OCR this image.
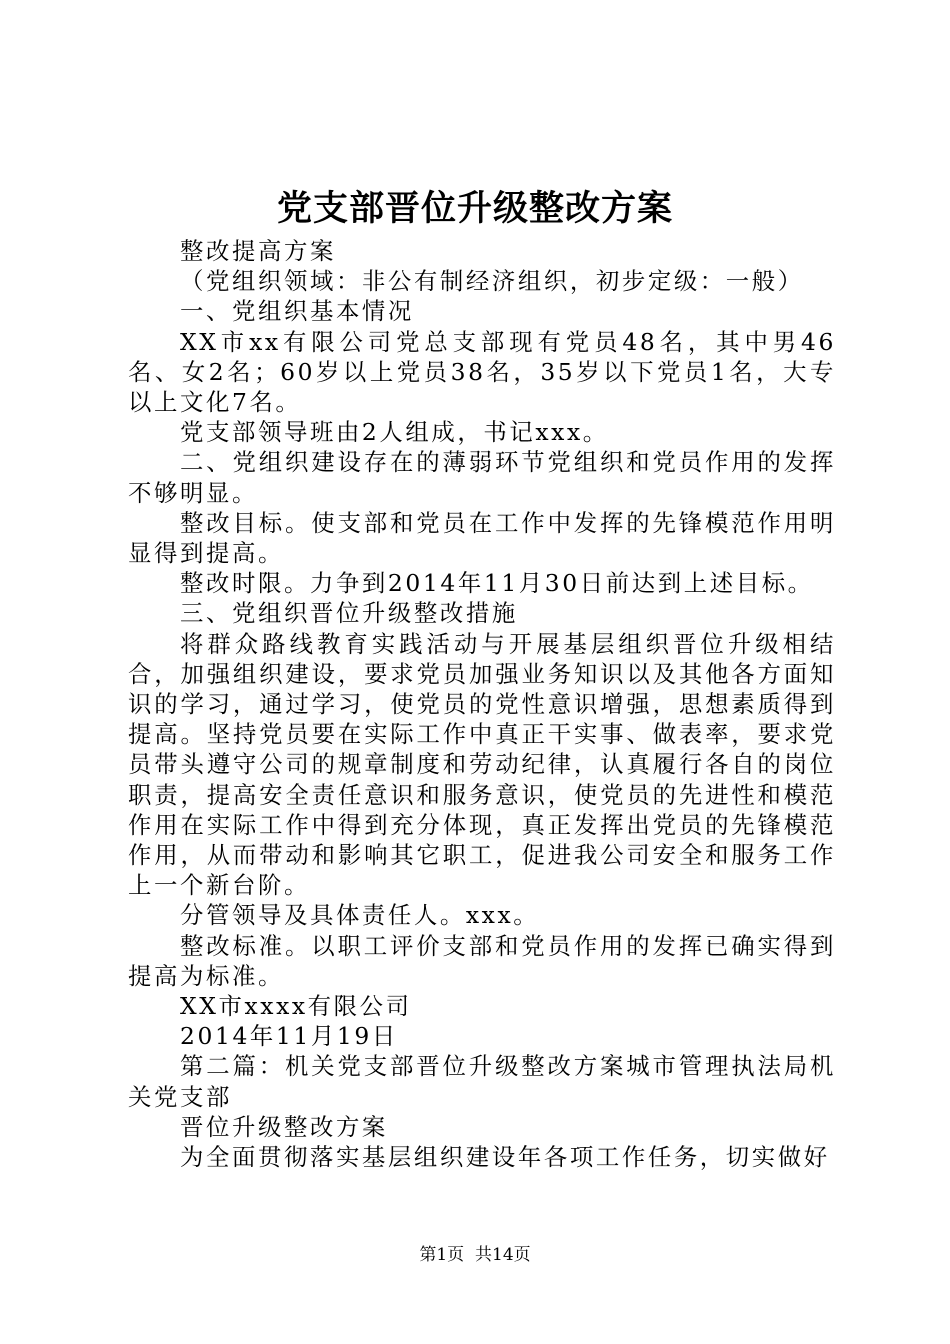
党支部晋位升级整改方案

整改提高方案

（党组织领域：非公有制经济组织，初步定级：一般）

一、党组织基本情况

XX市xx有限公司党总支部现有党员48名，其中男46名、女2名；60岁以上党员38名，35岁以下党员1名，大专以上文化7名。

党支部领导班由2人组成，书记xxx。

二、党组织建设存在的薄弱环节党组织和党员作用的发挥不够明显。

整改目标。使支部和党员在工作中发挥的先锋模范作用明显得到提高。

整改时限。力争到2014年11月30日前达到上述目标。

三、党组织晋位升级整改措施

将群众路线教育实践活动与开展基层组织晋位升级相结合，加强组织建设，要求党员加强业务知识以及其他各方面知识的学习，通过学习，使党员的党性意识增强，思想素质得到提高。坚持党员要在实际工作中真正干实事、做表率，要求党员带头遵守公司的规章制度和劳动纪律，认真履行各自的岗位职责，提高安全责任意识和服务意识，使党员的先进性和模范作用在实际工作中得到充分体现，真正发挥出党员的先锋模范作用，从而带动和影响其它职工，促进我公司安全和服务工作上一个新台阶。

分管领导及具体责任人。xxx。

整改标准。以职工评价支部和党员作用的发挥已确实得到提高为标准。

XX市xxxx有限公司

2014年11月19日

第二篇：机关党支部晋位升级整改方案城市管理执法局机关党支部

晋位升级整改方案

为全面贯彻落实基层组织建设年各项工作任务，切实做好

第1页 共14页
